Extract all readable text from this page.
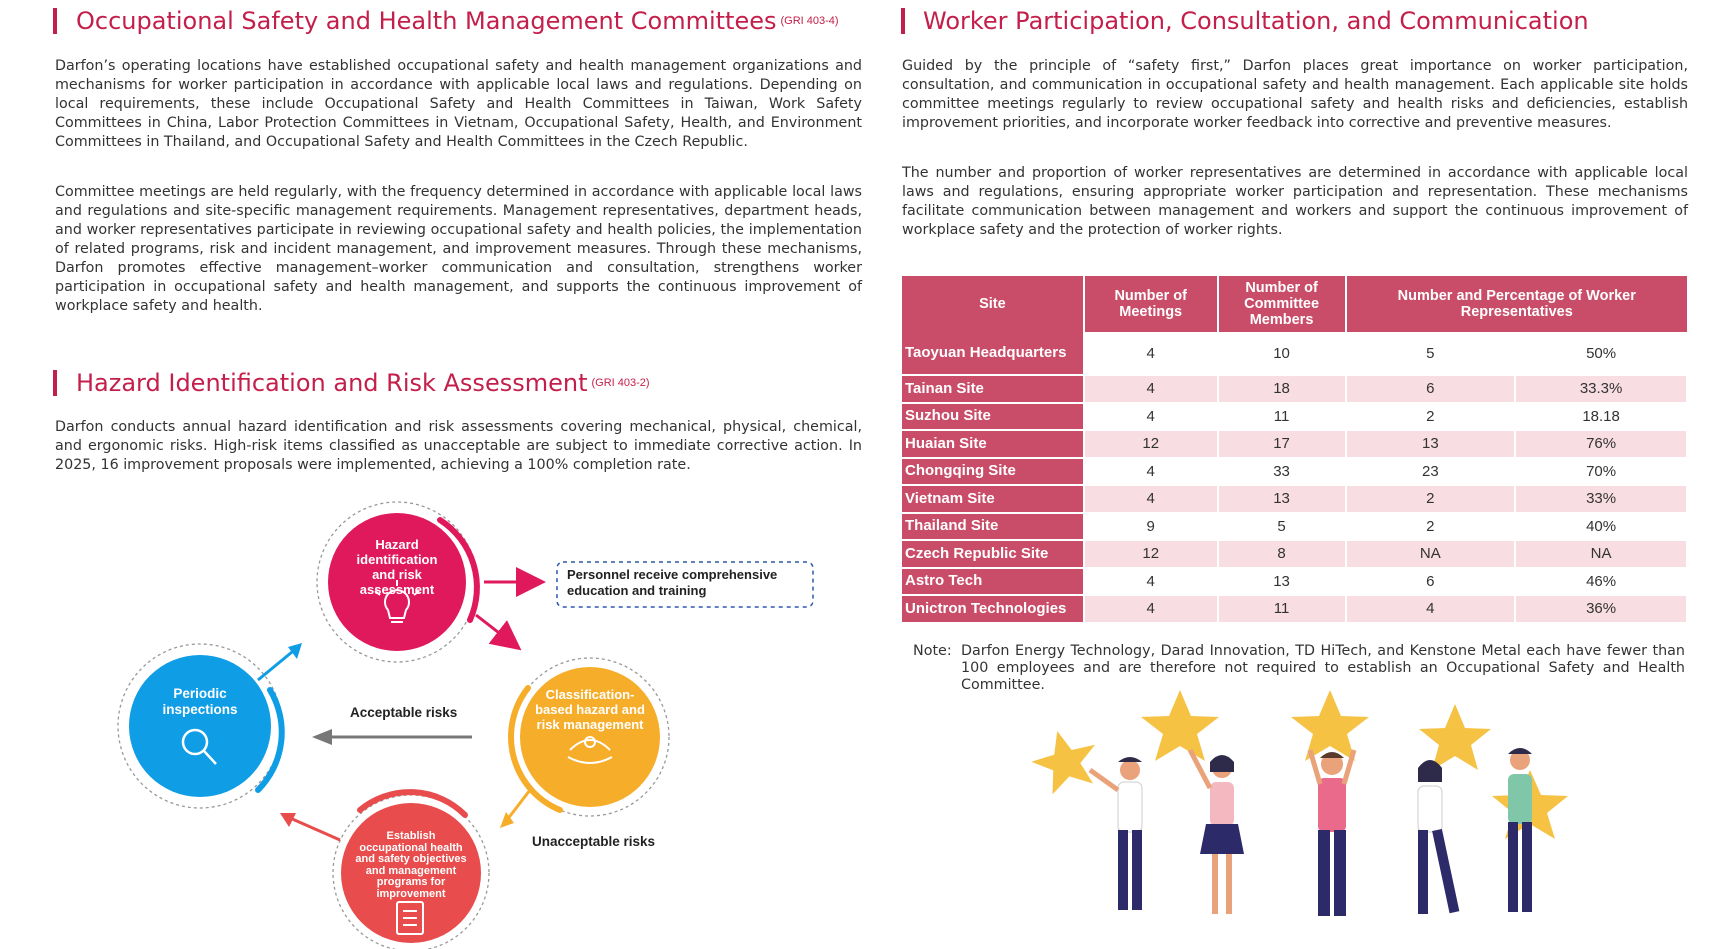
Occupational Safety and Health Management Committees $^{(GRI 403-4)}$

Darfon’s operating locations have established occupational safety and health management organizations and mechanisms for worker participation in accordance with applicable local laws and regulations. Depending on local requirements, these include Occupational Safety and Health Committees in Taiwan, Work Safety Committees in China, Labor Protection Committees in Vietnam, Occupational Safety, Health, and Environment Committees in Thailand, and Occupational Safety and Health Committees in the Czech Republic.

Committee meetings are held regularly, with the frequency determined in accordance with applicable local laws and regulations and site-specific management requirements. Management representatives, department heads, and worker representatives participate in reviewing occupational safety and health policies, the implementation of related programs, risk and incident management, and improvement measures. Through these mechanisms, Darfon promotes effective management–worker communication and consultation, strengthens worker participation in occupational safety and health management, and supports the continuous improvement of workplace safety and health.

Hazard Identification and Risk Assessment $^{(GRI 403-2)}$

Darfon conducts annual hazard identification and risk assessments covering mechanical, physical, chemical, and ergonomic risks. High-risk items classified as unacceptable are subject to immediate corrective action. In 2025, 16 improvement proposals were implemented, achieving a 100% completion rate.

Hazard
identification
and risk
assessment
Personnel receive comprehensive
education and training
Classification-
based hazard and
risk management
Establish
occupational health
and safety objectives
and management
programs for
improvement
Periodic
inspections	Acceptable risks
Unacceptable risks
Worker Participation, Consultation, and Communication

Guided by the principle of “safety first,” Darfon places great importance on worker participation, consultation, and communication in occupational safety and health management. Each applicable site holds committee meetings regularly to review occupational safety and health risks and deficiencies, establish improvement priorities, and incorporate worker feedback into corrective and preventive measures.

The number and proportion of worker representatives are determined in accordance with applicable local laws and regulations, ensuring appropriate worker participation and representation. These mechanisms facilitate communication between management and workers and support the continuous improvement of workplace safety and the protection of worker rights.

Site	Number of Meetings	Number of Committee Members	Number and Percentage of Worker Representatives	
Taoyuan Headquarters	4	10	5	50%
Tainan Site	4	18	6	33.3%
Suzhou Site	4	11	2	18.18
Huaian Site	12	17	13	76%
Chongqing Site	4	33	23	70%
Vietnam Site	4	13	2	33%
Thailand Site	9	5	2	40%
Czech Republic Site	12	8	NA	NA
Astro Tech	4	13	6	46%
Unictron Technologies	4	11	4	36%
Note: Darfon Energy Technology, Darad Innovation, TD HiTech, and Kenstone Metal each have fewer than 100 employees and are therefore not required to establish an Occupational Safety and Health Committee.
